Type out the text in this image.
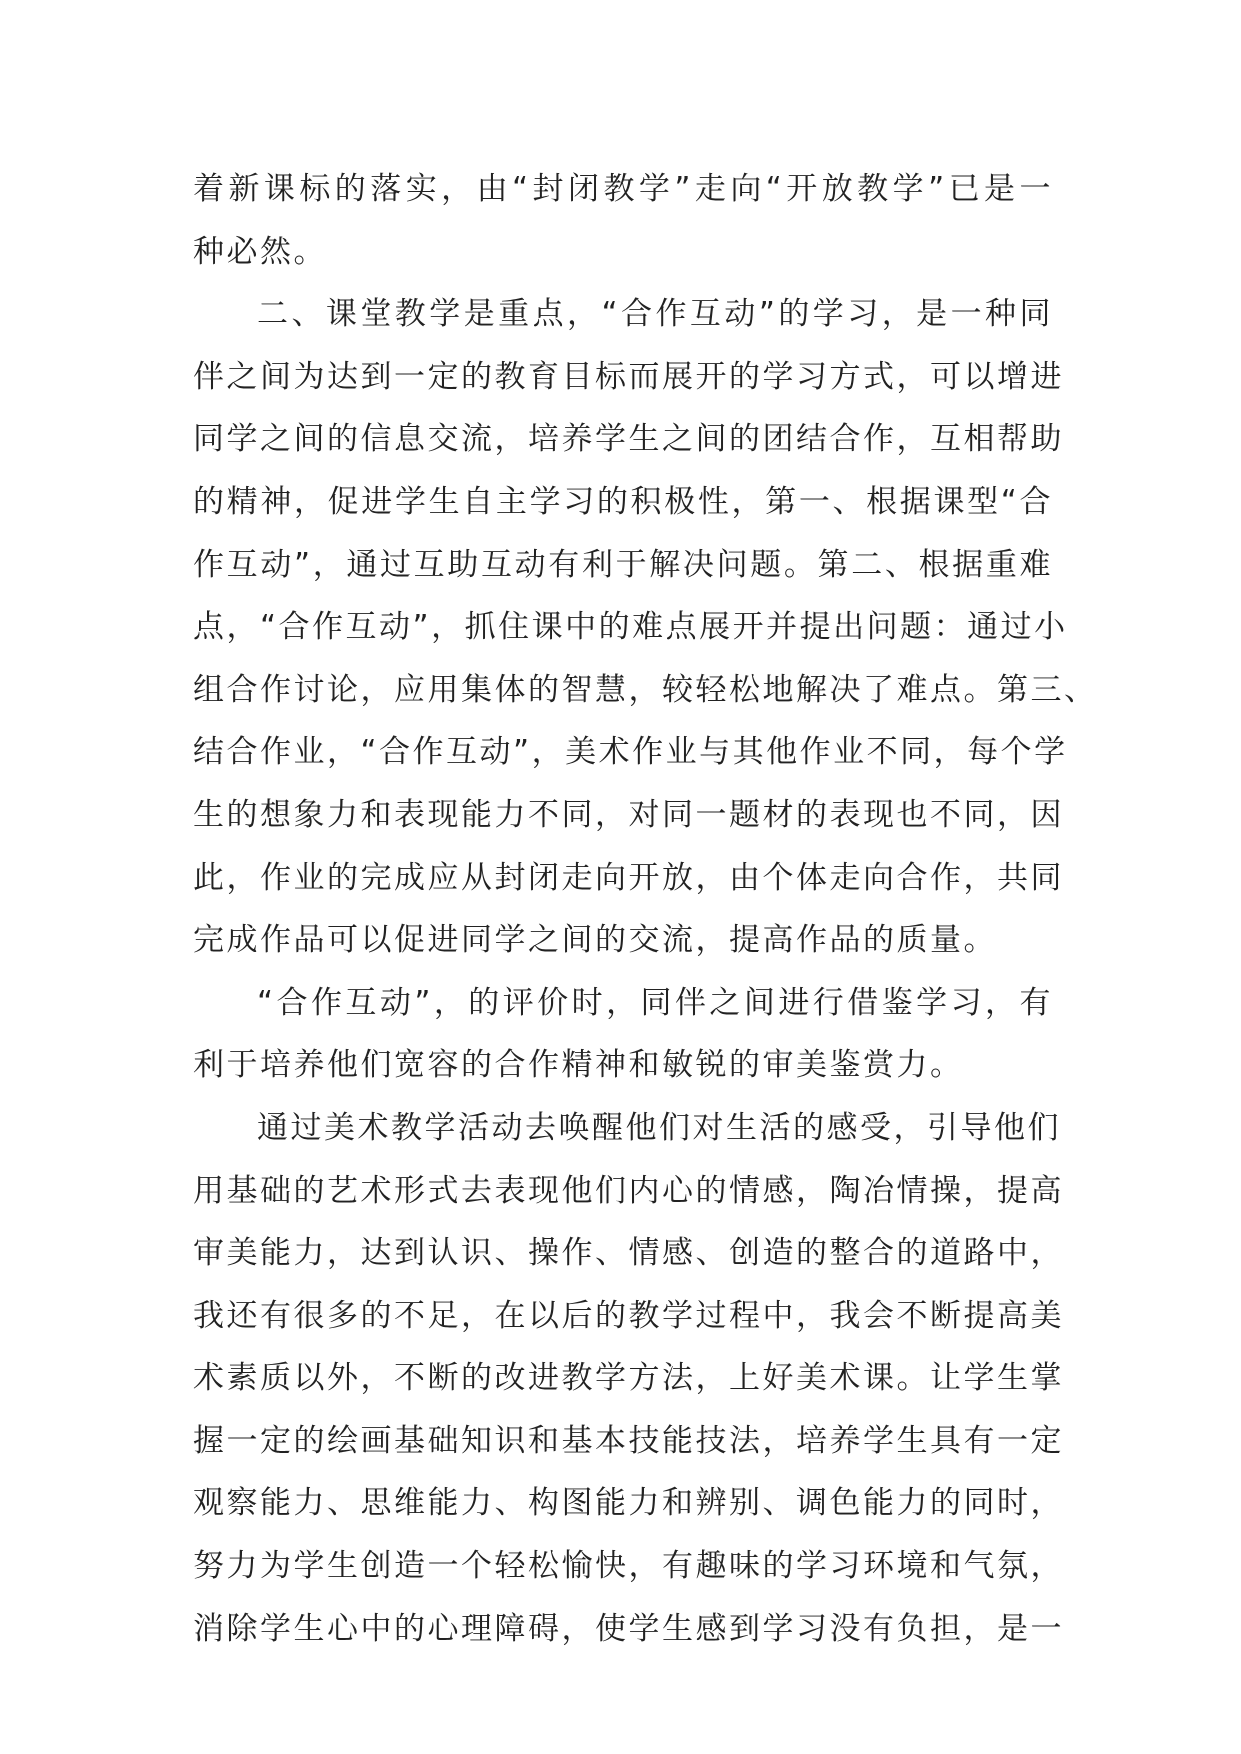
着新课标的落实，由“封闭教学”走向“开放教学”已是一
种必然。
二、课堂教学是重点，“合作互动”的学习，是一种同
伴之间为达到一定的教育目标而展开的学习方式，可以增进
同学之间的信息交流，培养学生之间的团结合作，互相帮助
的精神，促进学生自主学习的积极性，第一、根据课型“合
作互动”，通过互助互动有利于解决问题。第二、根据重难
点，“合作互动”，抓住课中的难点展开并提出问题：通过小
组合作讨论，应用集体的智慧，较轻松地解决了难点。第三、
结合作业，“合作互动”，美术作业与其他作业不同，每个学
生的想象力和表现能力不同，对同一题材的表现也不同，因
此，作业的完成应从封闭走向开放，由个体走向合作，共同
完成作品可以促进同学之间的交流，提高作品的质量。
“合作互动”，的评价时，同伴之间进行借鉴学习，有
利于培养他们宽容的合作精神和敏锐的审美鉴赏力。
通过美术教学活动去唤醒他们对生活的感受，引导他们
用基础的艺术形式去表现他们内心的情感，陶冶情操，提高
审美能力，达到认识、操作、情感、创造的整合的道路中，
我还有很多的不足，在以后的教学过程中，我会不断提高美
术素质以外，不断的改进教学方法，上好美术课。让学生掌
握一定的绘画基础知识和基本技能技法，培养学生具有一定
观察能力、思维能力、构图能力和辨别、调色能力的同时，
努力为学生创造一个轻松愉快，有趣味的学习环境和气氛，
消除学生心中的心理障碍，使学生感到学习没有负担，是一
